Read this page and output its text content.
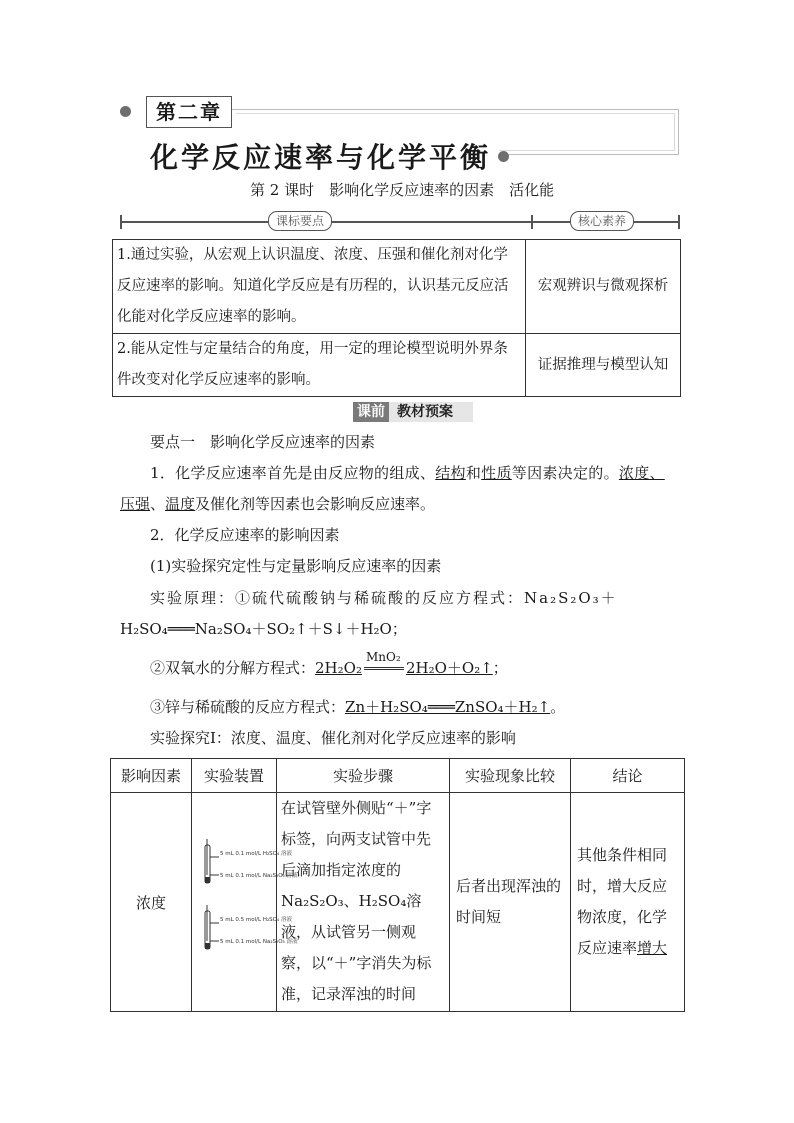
第二章
化学反应速率与化学平衡
第 2 课时　影响化学反应速率的因素　活化能
课标要点	核心素养
1.通过实验，从宏观上认识温度、浓度、压强和催化剂对化学反应速率的影响。知道化学反应是有历程的，认识基元反应活化能对化学反应速率的影响。	宏观辨识与微观探析
2.能从定性与定量结合的角度，用一定的理论模型说明外界条件改变对化学反应速率的影响。	证据推理与模型认知
课前 教材预案
要点一　影响化学反应速率的因素
1．化学反应速率首先是由反应物的组成、结构和性质等因素决定的。浓度、
压强、温度及催化剂等因素也会影响反应速率。
2．化学反应速率的影响因素
(1)实验探究定性与定量影响反应速率的因素
实验原理：①硫代硫酸钠与稀硫酸的反应方程式：Na₂S₂O₃＋
H₂SO₄═══Na₂SO₄＋SO₂↑＋S↓＋H₂O；
②双氧水的分解方程式：2H₂O₂
MnO₂
2H₂O＋O₂↑；
③锌与稀硫酸的反应方程式：Zn＋H₂SO₄═══ZnSO₄＋H₂↑。
实验探究Ⅰ：浓度、温度、催化剂对化学反应速率的影响
影响因素	实验装置	实验步骤	实验现象比较	结论
浓度	5 mL 0.1 mol/L H₂SO₄ 溶液
5 mL 0.1 mol/L Na₂S₂O₃ 溶液
5 mL 0.5 mol/L H₂SO₄ 溶液
5 mL 0.1 mol/L Na₂S₂O₃ 溶液	在试管壁外侧贴“＋”字标签，向两支试管中先后滴加指定浓度的Na₂S₂O₃、H₂SO₄溶液，从试管另一侧观察，以“＋”字消失为标准，记录浑浊的时间	后者出现浑浊的时间短	其他条件相同时，增大反应物浓度，化学反应速率增大
